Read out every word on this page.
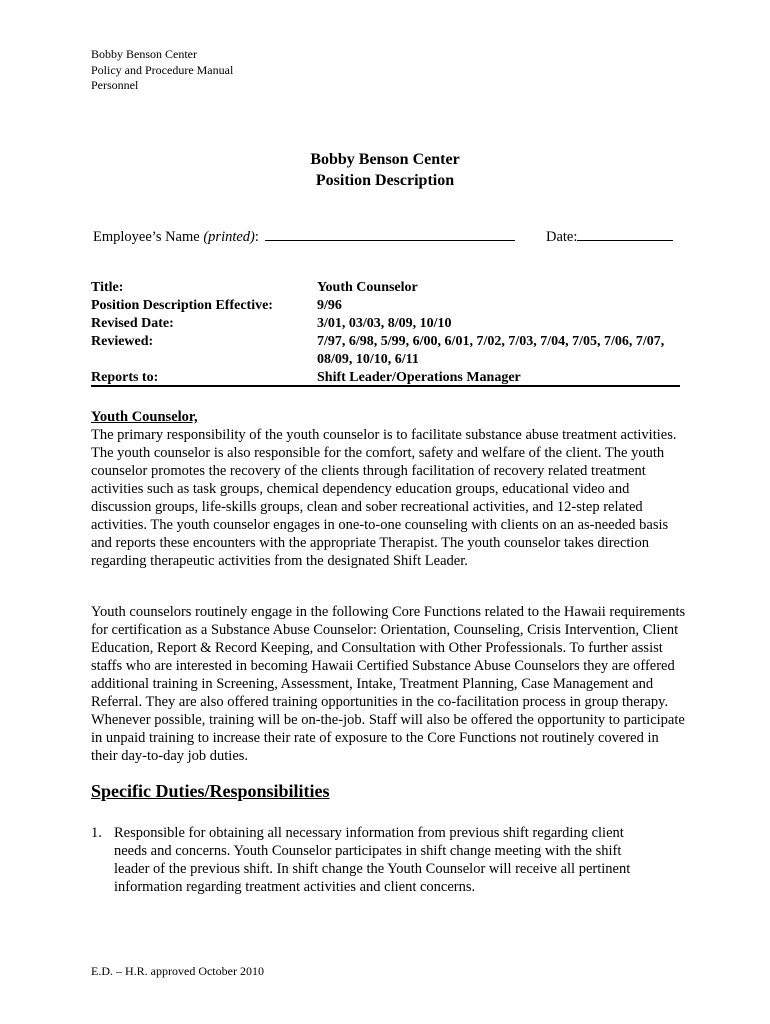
Bobby Benson Center
Policy and Procedure Manual
Personnel
Bobby Benson Center
Position Description
Employee’s Name (printed):	Date:
Title:	Youth Counselor
Position Description Effective:	9/96
Revised Date:	3/01, 03/03, 8/09, 10/10
Reviewed:	7/97, 6/98, 5/99, 6/00, 6/01, 7/02, 7/03, 7/04, 7/05, 7/06, 7/07, 08/09, 10/10, 6/11
Reports to:	Shift Leader/Operations Manager
Youth Counselor,
The primary responsibility of the youth counselor is to facilitate substance abuse treatment activities. The youth counselor is also responsible for the comfort, safety and welfare of the client. The youth counselor promotes the recovery of the clients through facilitation of recovery related treatment activities such as task groups, chemical dependency education groups, educational video and discussion groups, life-skills groups, clean and sober recreational activities, and 12-step related activities. The youth counselor engages in one-to-one counseling with clients on an as-needed basis and reports these encounters with the appropriate Therapist. The youth counselor takes direction regarding therapeutic activities from the designated Shift Leader.
Youth counselors routinely engage in the following Core Functions related to the Hawaii requirements for certification as a Substance Abuse Counselor: Orientation, Counseling, Crisis Intervention, Client Education, Report & Record Keeping, and Consultation with Other Professionals. To further assist staffs who are interested in becoming Hawaii Certified Substance Abuse Counselors they are offered additional training in Screening, Assessment, Intake, Treatment Planning, Case Management and Referral. They are also offered training opportunities in the co-facilitation process in group therapy. Whenever possible, training will be on-the-job. Staff will also be offered the opportunity to participate in unpaid training to increase their rate of exposure to the Core Functions not routinely covered in their day-to-day job duties.
Specific Duties/Responsibilities
1. Responsible for obtaining all necessary information from previous shift regarding client needs and concerns. Youth Counselor participates in shift change meeting with the shift leader of the previous shift. In shift change the Youth Counselor will receive all pertinent information regarding treatment activities and client concerns.
E.D. – H.R. approved October 2010
